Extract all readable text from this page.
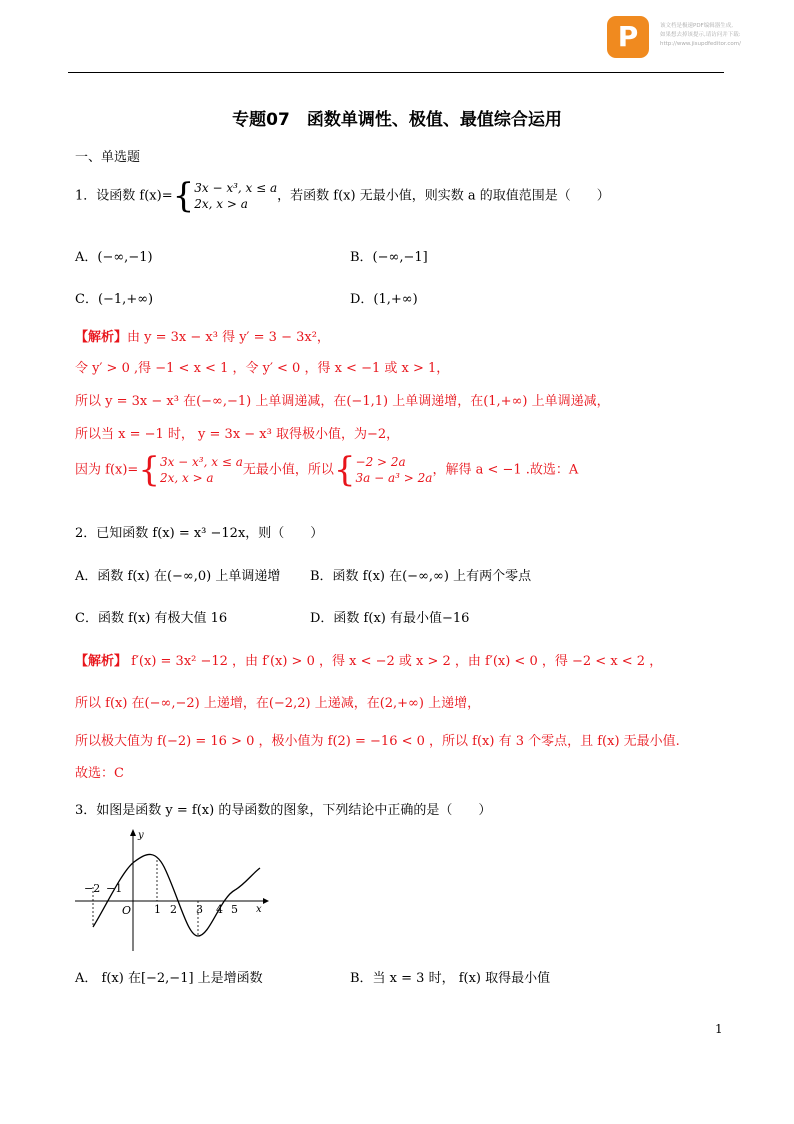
P	该文档是极速PDF编辑器生成,
如果想去掉该提示,请访问并下载:
http://www.jisupdfeditor.com/
专题07　函数单调性、极值、最值综合运用
一、单选题
1．设函数 f(x)={3x − x³, x ≤ a
2x, x > a，若函数 f(x) 无最小值，则实数 a 的取值范围是（　　）
A．(−∞,−1)	B．(−∞,−1]
C．(−1,+∞)	D．(1,+∞)
【解析】由 y = 3x − x³ 得 y′ = 3 − 3x²，
令 y′ > 0 ,得 −1 < x < 1 ，令 y′ < 0 ，得 x < −1 或 x > 1，
所以 y = 3x − x³ 在(−∞,−1) 上单调递减，在(−1,1) 上单调递增，在(1,+∞) 上单调递减，
所以当 x = −1 时， y = 3x − x³ 取得极小值，为−2，
因为 f(x)={3x − x³, x ≤ a
2x, x > a无最小值，所以{−2 > 2a
3a − a³ > 2a，解得 a < −1 .故选：A
2．已知函数 f(x) = x³ −12x，则（　　）
A．函数 f(x) 在(−∞,0) 上单调递增 B．函数 f(x) 在(−∞,∞) 上有两个零点
C．函数 f(x) 有极大值 16	D．函数 f(x) 有最小值−16
【解析】 f′(x) = 3x² −12 ，由 f′(x) > 0 ，得 x < −2 或 x > 2 ，由 f′(x) < 0 ，得 −2 < x < 2 ，
所以 f(x) 在(−∞,−2) 上递增，在(−2,2) 上递减，在(2,+∞) 上递增，
所以极大值为 f(−2) = 16 > 0 ，极小值为 f(2) = −16 < 0 ，所以 f(x) 有 3 个零点，且 f(x) 无最小值.
故选：C
3．如图是函数 y = f(x) 的导函数的图象，下列结论中正确的是（　　）
y
x
O
−2 −1
1 2 3 4 5
A． f(x) 在[−2,−1] 上是增函数	B．当 x = 3 时， f(x) 取得最小值
1
